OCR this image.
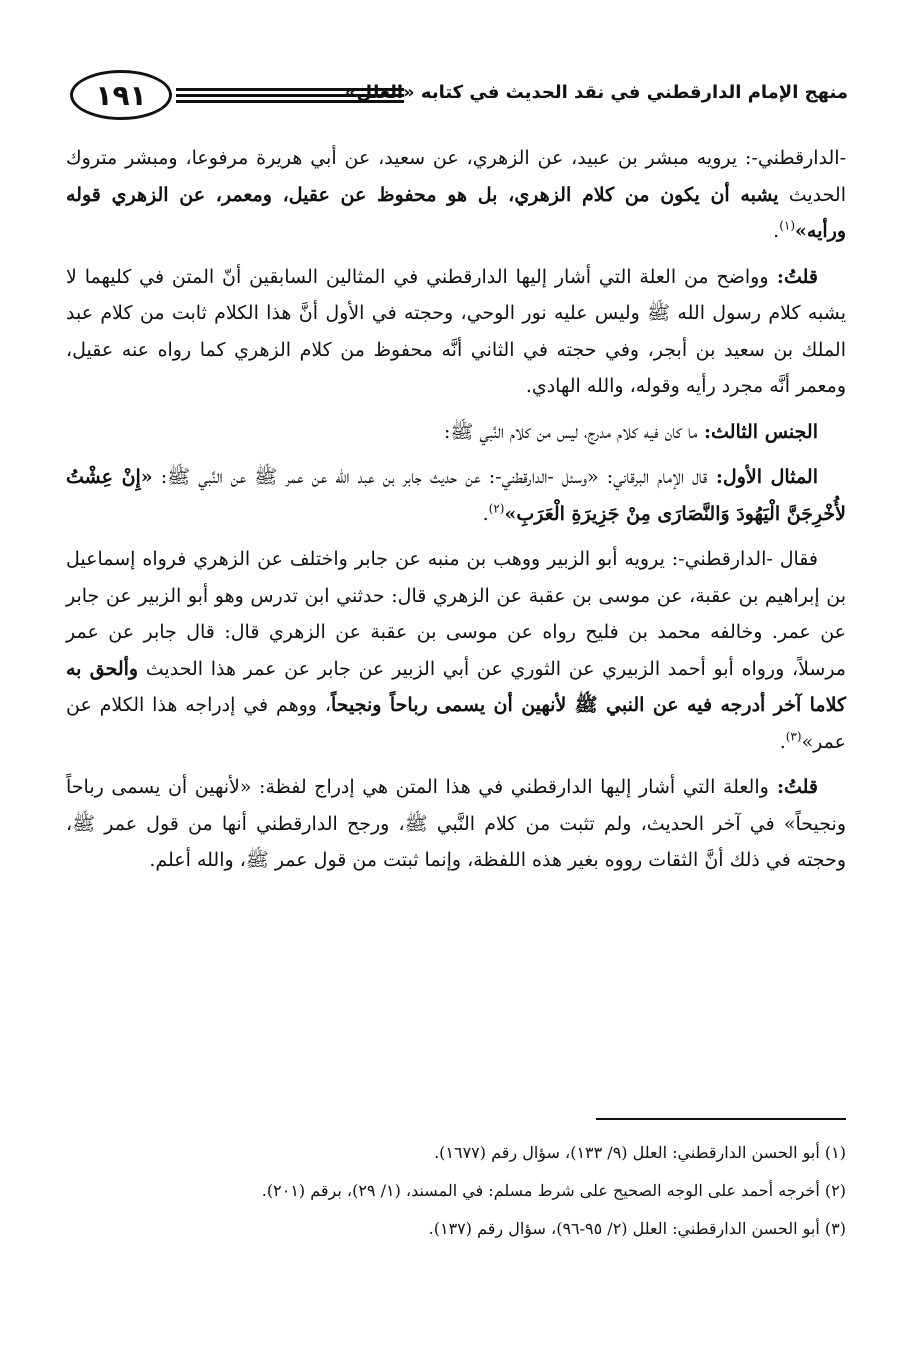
١٩١	منهج الإمام الدارقطني في نقد الحديث في كتابه «العلل»

-الدارقطني-: يرويه مبشر بن عبيد، عن الزهري، عن سعيد، عن أبي هريرة مرفوعا، ومبشر متروك الحديث يشبه أن يكون من كلام الزهري، بل هو محفوظ عن عقيل، ومعمر، عن الزهري قوله ورأيه»$^{(١)}$.

قلتُ: وواضح من العلة التي أشار إليها الدارقطني في المثالين السابقين أنّ المتن في كليهما لا يشبه كلام رسول الله ﷺ وليس عليه نور الوحي، وحجته في الأول أنَّ هذا الكلام ثابت من كلام عبد الملك بن سعيد بن أبجر، وفي حجته في الثاني أنَّه محفوظ من كلام الزهري كما رواه عنه عقيل، ومعمر أنَّه مجرد رأيه وقوله، والله الهادي.

الجنس الثالث: ما كان فيه كلام مدرج، ليس من كلام النَّبي ﷺ:

المثال الأول: قال الإمام البرقاني: «وسئل -الدارقطني-: عن حديث جابر بن عبد الله عن عمر ﷺ عن النَّبي ﷺ: «إِنْ عِشْتُ لأُخْرِجَنَّ الْيَهُودَ وَالنَّصَارَى مِنْ جَزِيرَةِ الْعَرَبِ»$^{(٢)}$.

فقال -الدارقطني-: يرويه أبو الزبير ووهب بن منبه عن جابر واختلف عن الزهري فرواه إسماعيل بن إبراهيم بن عقبة، عن موسى بن عقبة عن الزهري قال: حدثني ابن تدرس وهو أبو الزبير عن جابر عن عمر. وخالفه محمد بن فليح رواه عن موسى بن عقبة عن الزهري قال: قال جابر عن عمر مرسلاً، ورواه أبو أحمد الزبيري عن الثوري عن أبي الزبير عن جابر عن عمر هذا الحديث وألحق به كلاما آخر أدرجه فيه عن النبي ﷺ لأنهين أن يسمى رباحاً ونجيحاً، ووهم في إدراجه هذا الكلام عن عمر»$^{(٣)}$.

قلتُ: والعلة التي أشار إليها الدارقطني في هذا المتن هي إدراج لفظة: «لأنهين أن يسمى رباحاً ونجيحاً» في آخر الحديث، ولم تثبت من كلام النَّبي ﷺ، ورجح الدارقطني أنها من قول عمر ﷺ، وحجته في ذلك أنَّ الثقات رووه بغير هذه اللفظة، وإنما ثبتت من قول عمر ﷺ، والله أعلم.

(١) أبو الحسن الدارقطني: العلل (٩/ ١٣٣)، سؤال رقم (١٦٧٧).

(٢) أخرجه أحمد على الوجه الصحيح على شرط مسلم: في المسند، (١/ ٢٩)، برقم (٢٠١).

(٣) أبو الحسن الدارقطني: العلل (٢/ ٩٥-٩٦)، سؤال رقم (١٣٧).
